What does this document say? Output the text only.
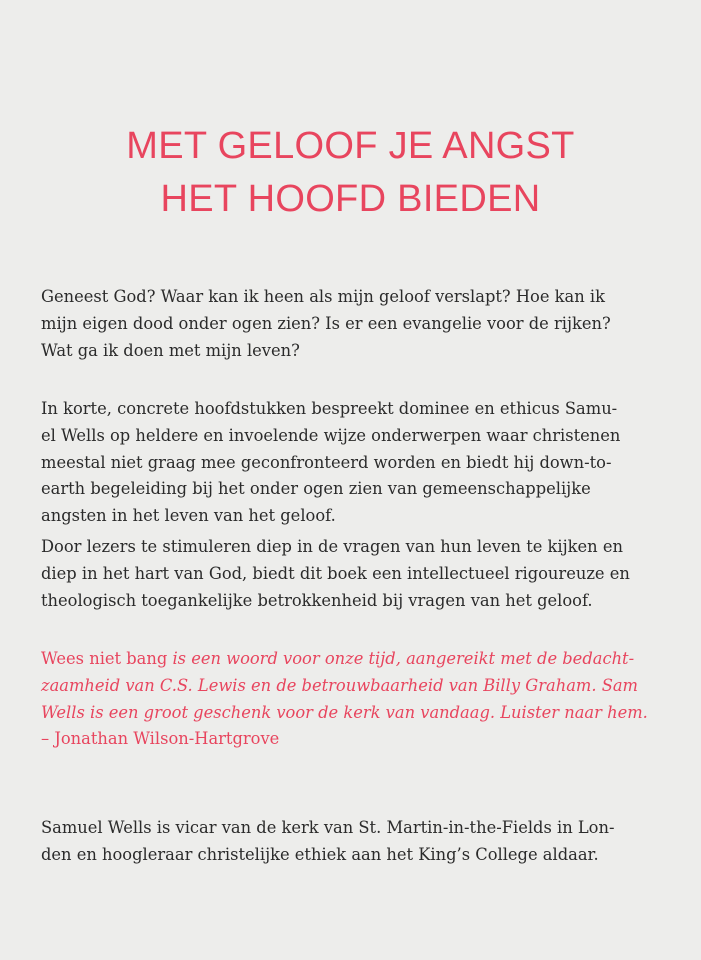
MET GELOOF JE ANGST
HET HOOFD BIEDEN

Geneest God? Waar kan ik heen als mijn geloof verslapt? Hoe kan ik
mijn eigen dood onder ogen zien? Is er een evangelie voor de rijken?
Wat ga ik doen met mijn leven?

In korte, concrete hoofdstukken bespreekt dominee en ethicus Samu-
el Wells op heldere en invoelende wijze onderwerpen waar christenen
meestal niet graag mee geconfronteerd worden en biedt hij down-to-
earth begeleiding bij het onder ogen zien van gemeenschappelijke
angsten in het leven van het geloof.

Door lezers te stimuleren diep in de vragen van hun leven te kijken en
diep in het hart van God, biedt dit boek een intellectueel rigoureuze en
theologisch toegankelijke betrokkenheid bij vragen van het geloof.

Wees niet bang is een woord voor onze tijd, aangereikt met de bedacht-
zaamheid van C.S. Lewis en de betrouwbaarheid van Billy Graham. Sam
Wells is een groot geschenk voor de kerk van vandaag. Luister naar hem.
– Jonathan Wilson-Hartgrove

Samuel Wells is vicar van de kerk van St. Martin-in-the-Fields in Lon-
den en hoogleraar christelijke ethiek aan het King’s College aldaar.
